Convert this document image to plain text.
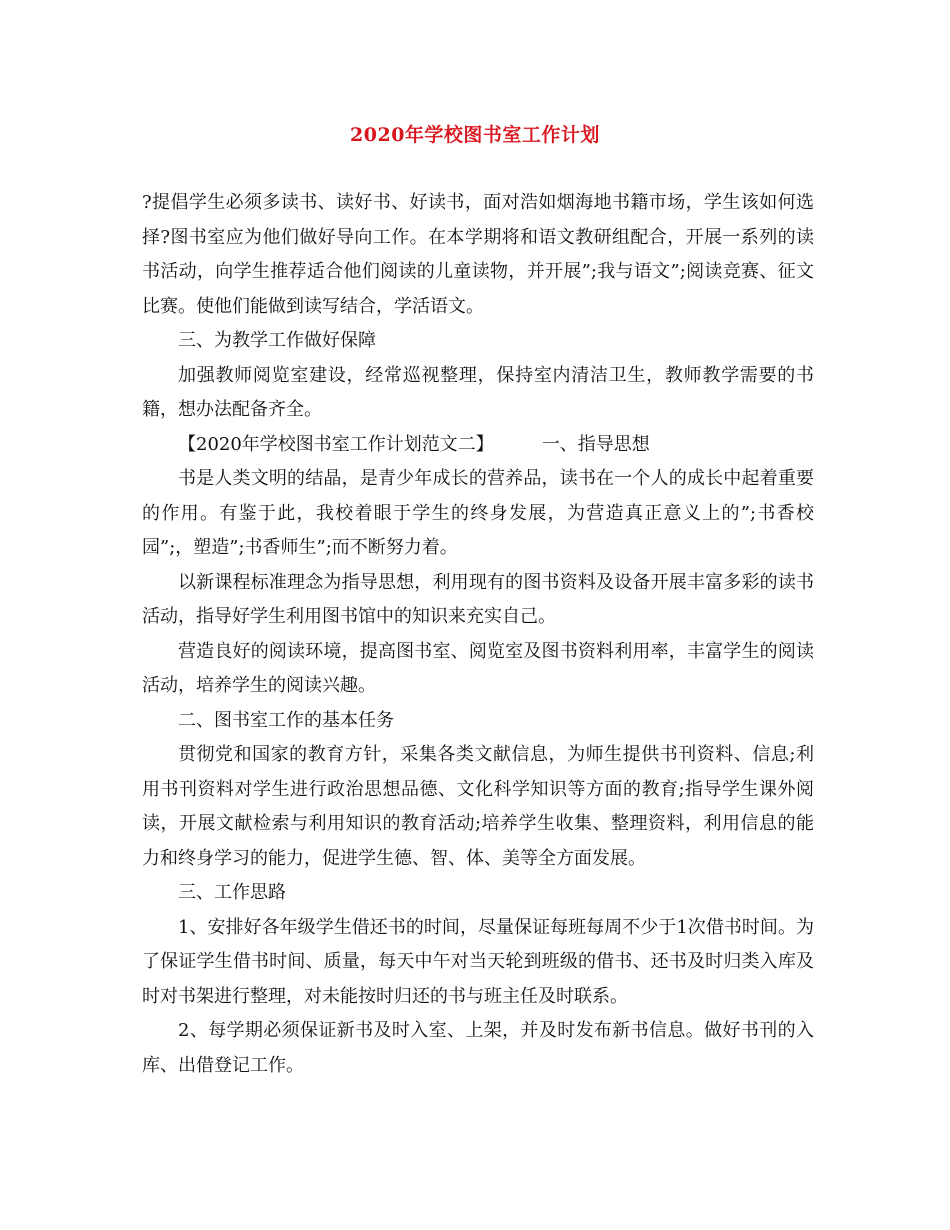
2020年学校图书室工作计划

?提倡学生必须多读书、读好书、好读书，面对浩如烟海地书籍市场，学生该如何选择?图书室应为他们做好导向工作。在本学期将和语文教研组配合，开展一系列的读书活动，向学生推荐适合他们阅读的儿童读物，并开展”;我与语文”;阅读竞赛、征文比赛。使他们能做到读写结合，学活语文。

三、为教学工作做好保障

加强教师阅览室建设，经常巡视整理，保持室内清洁卫生，教师教学需要的书籍，想办法配备齐全。

【2020年学校图书室工作计划范文二】	一、指导思想

书是人类文明的结晶，是青少年成长的营养品，读书在一个人的成长中起着重要的作用。有鉴于此，我校着眼于学生的终身发展，为营造真正意义上的”;书香校园”;，塑造”;书香师生”;而不断努力着。

以新课程标准理念为指导思想，利用现有的图书资料及设备开展丰富多彩的读书活动，指导好学生利用图书馆中的知识来充实自己。

营造良好的阅读环境，提高图书室、阅览室及图书资料利用率，丰富学生的阅读活动，培养学生的阅读兴趣。

二、图书室工作的基本任务

贯彻党和国家的教育方针，采集各类文献信息，为师生提供书刊资料、信息;利用书刊资料对学生进行政治思想品德、文化科学知识等方面的教育;指导学生课外阅读，开展文献检索与利用知识的教育活动;培养学生收集、整理资料，利用信息的能力和终身学习的能力，促进学生德、智、体、美等全方面发展。

三、工作思路

1、安排好各年级学生借还书的时间，尽量保证每班每周不少于1次借书时间。为了保证学生借书时间、质量，每天中午对当天轮到班级的借书、还书及时归类入库及时对书架进行整理，对未能按时归还的书与班主任及时联系。

2、每学期必须保证新书及时入室、上架，并及时发布新书信息。做好书刊的入库、出借登记工作。
